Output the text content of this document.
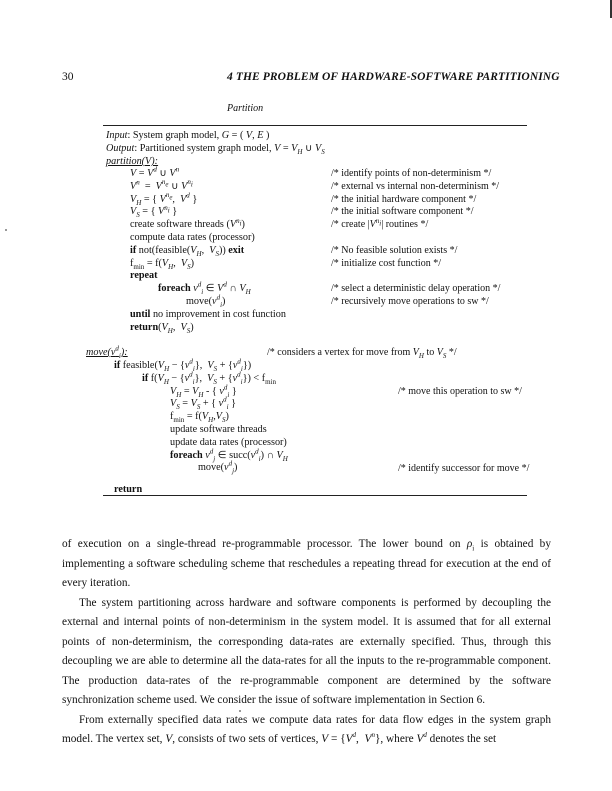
30	4 THE PROBLEM OF HARDWARE-SOFTWARE PARTITIONING
Partition
Input: System graph model, G = ( V, E )
Output: Partitioned system graph model, $V = V_H$ ∪ $V_S$
partition(V):
$V = V^d$ ∪ $V^n$
$V^n = V^{n_e}$ ∪ $V^{n_i}$
$V_H$ = { $V^{n_e}$,  $V^d$ }
$V_S$ = { $V^{n_i}$ }
create software threads $(V^{n_i})$
compute data rates (processor)
if $not(feasible(V_H$,  $V_S$)) exit
$f_{min} = f(V_H$,  $V_S$)
repeat
foreach $v^d_i$ ∈ $V^d$ ∩ $V_H$
$move(v^d_i)$
until no improvement in cost function
$return(V_H$,  $V_S$)
/* identify points of non-determinism */
/* external vs internal non-determinism */
/* the initial hardware component */
/* the initial software component */
/* create $|V^{n_i}|$ routines */

/* No feasible solution exists */
/* initialize cost function */

/* select a deterministic delay operation */
/* recursively move operations to sw */
$move(v^d_i)$:	/* considers a vertex for move from $V_H$ to $V_S$ */
if $feasible(V_H - \{v^d_i\}$,  $V_S + \{v^d_i\}$)
if $f(V_H - \{v^d_i\}$,  $V_S + \{v^d_i\}) < f_{min}$
$V_H = V_H$ - { $v^d_i$ }
$V_S = V_S$ + { $v^d_i$ }
$f_{min} = f(V_H,V_S)$
update software threads
update data rates (processor)
foreach $v^d_j$ ∈ $succ(v^d_i)$ ∩ $V_H$
$move(v^d_j)$
return
/* move this operation to sw */
/* identify successor for move */

of execution on a single-thread re-programmable processor. The lower bound on $\rho_i$ is obtained by implementing a software scheduling scheme that reschedules a repeating thread for execution at the end of every iteration.

The system partitioning across hardware and software components is performed by decoupling the external and internal points of non-determinism in the system model. It is assumed that for all external points of non-determinism, the corresponding data-rates are externally specified. Thus, through this decoupling we are able to determine all the data-rates for all the inputs to the re-programmable component. The production data-rates of the re-programmable component are determined by the software synchronization scheme used. We consider the issue of software implementation in Section 6.

From externally specified data rates we compute data rates for data flow edges in the system graph model. The vertex set, V, consists of two sets of vertices, $V = \{V^d$,  $V^n$}, where $V^d$ denotes the set
